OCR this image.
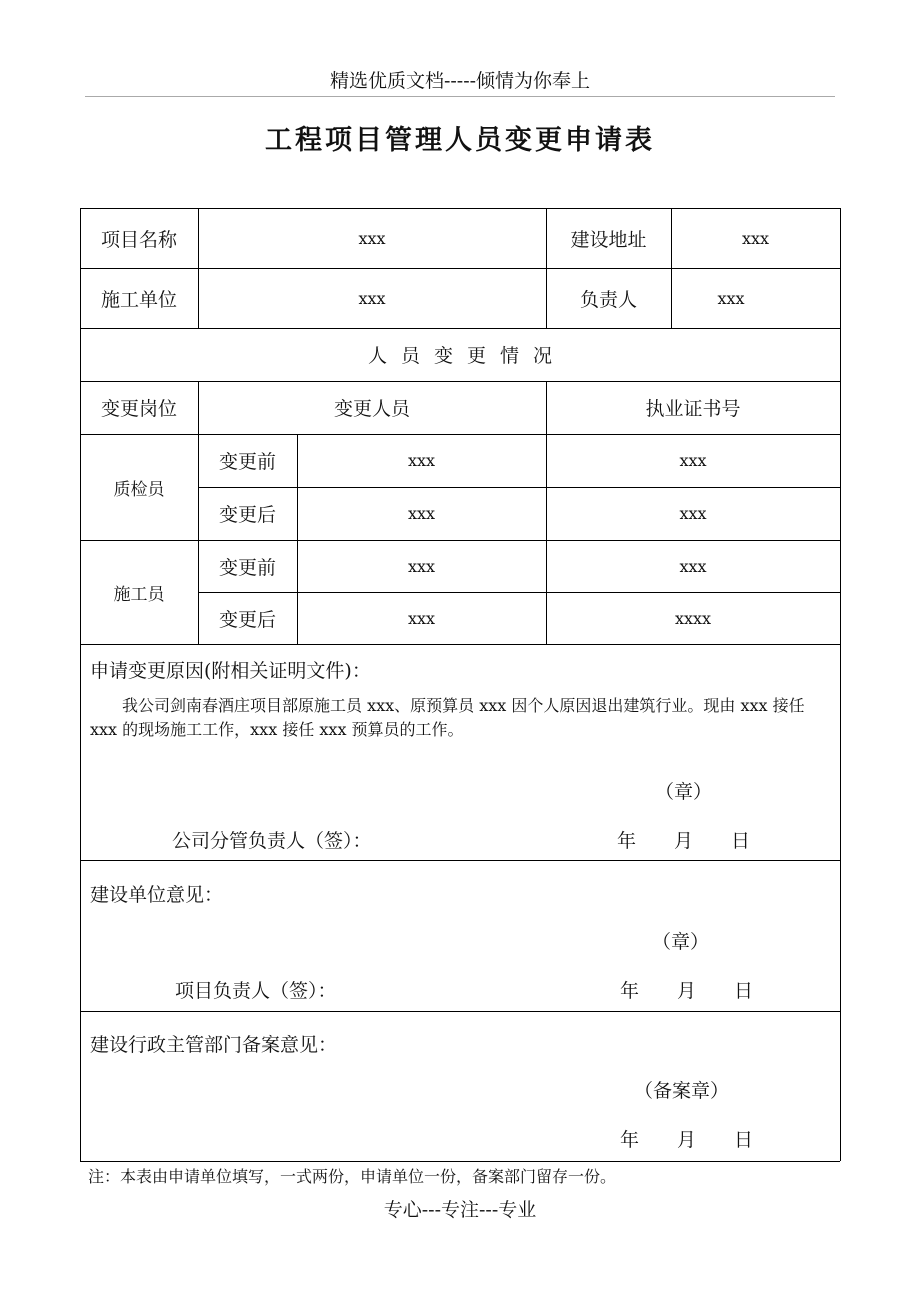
精选优质文档-----倾情为你奉上
工程项目管理人员变更申请表
项目名称	xxx	建设地址	xxx
施工单位	xxx	负责人	xxx
人员变更情况
变更岗位	变更人员	执业证书号
质检员
变更前	xxx	xxx
变更后	xxx	xxx
施工员
变更前	xxx	xxx
变更后	xxx	xxxx
申请变更原因(附相关证明文件)：
我公司剑南春酒庄项目部原施工员 xxx、原预算员 xxx 因个人原因退出建筑行业。现由 xxx 接任 xxx 的现场施工工作，xxx 接任 xxx 预算员的工作。
（章）
公司分管负责人（签）：	年　　月　　日
建设单位意见：
（章）
项目负责人（签）：	年　　月　　日
建设行政主管部门备案意见：
（备案章）
年　　月　　日
注：本表由申请单位填写，一式两份，申请单位一份，备案部门留存一份。
专心---专注---专业
